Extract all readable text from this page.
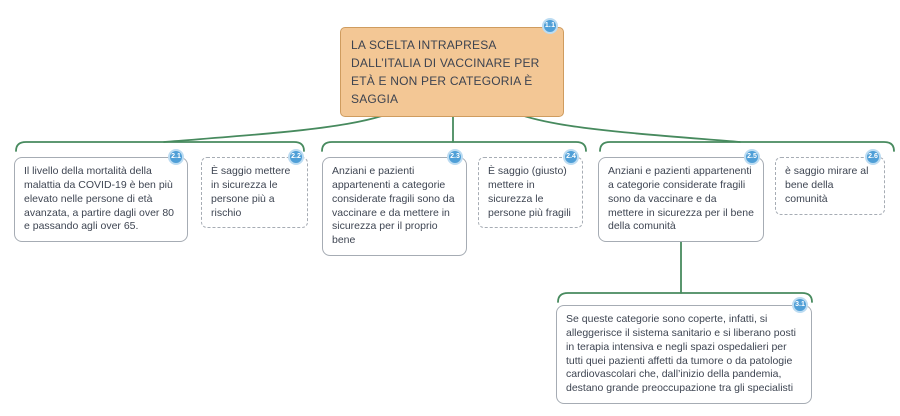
1.1
LA SCELTA INTRAPRESA DALL’ITALIA DI VACCINARE PER ETÀ E NON PER CATEGORIA È SAGGIA
2.1
Il livello della mortalità della malattia da COVID-19 è ben più elevato nelle persone di età avanzata, a partire dagli over 80 e passando agli over 65.
2.2
È saggio mettere in sicurezza le persone più a rischio
2.3
Anziani e pazienti appartenenti a categorie considerate fragili sono da vaccinare e da mettere in sicurezza per il proprio bene
2.4
È saggio (giusto) mettere in sicurezza le persone più fragili
2.5
Anziani e pazienti appartenenti a categorie considerate fragili sono da vaccinare e da mettere in sicurezza per il bene della comunità
2.6
è saggio mirare al bene della comunità
3.1
Se queste categorie sono coperte, infatti, si alleggerisce il sistema sanitario e si liberano posti in terapia intensiva e negli spazi ospedalieri per tutti quei pazienti affetti da tumore o da patologie cardiovascolari che, dall’inizio della pandemia, destano grande preoccupazione tra gli specialisti
